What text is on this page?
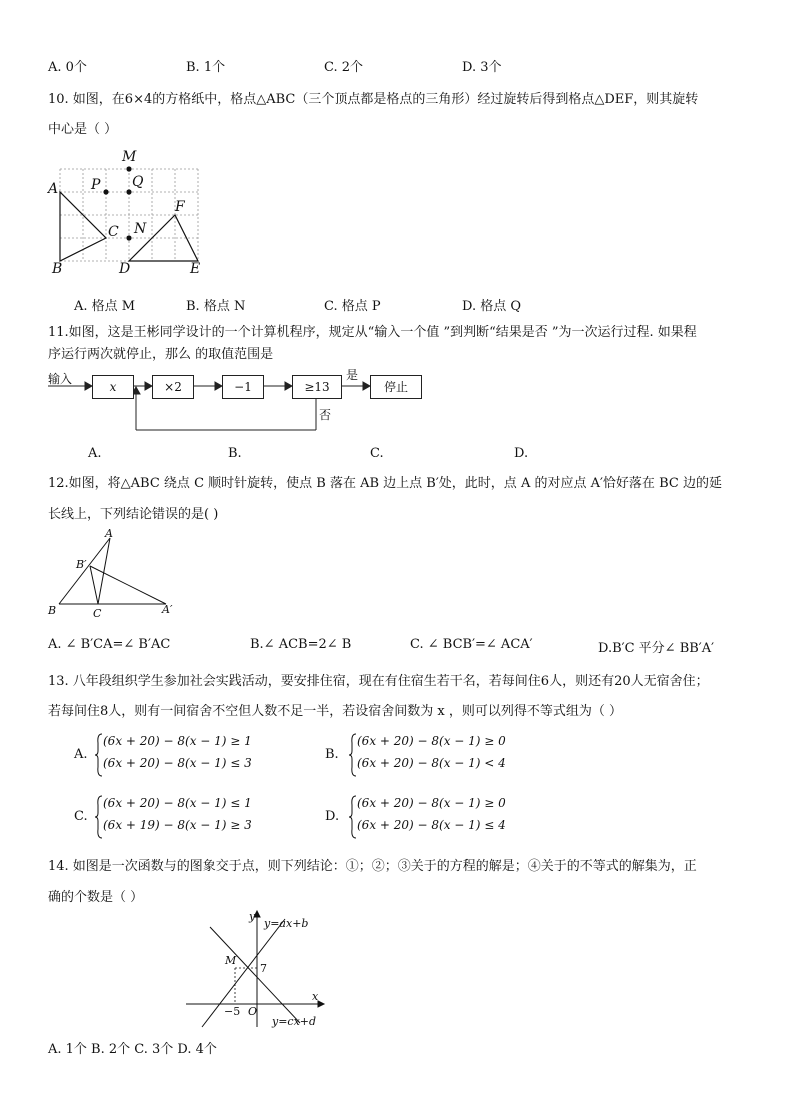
A. 0个	B. 1个	C. 2个	D. 3个
10. 如图，在6×4的方格纸中，格点△ABC（三个顶点都是格点的三角形）经过旋转后得到格点△DEF，则其旋转
中心是（ ）
M
P Q
A
C N
F
B	D	E
A. 格点 M	B. 格点 N	C. 格点 P	D. 格点 Q
11.如图，这是王彬同学设计的一个计算机程序，规定从“输入一个值 ”到判断“结果是否 ”为一次运行过程. 如果程
序运行两次就停止，那么 的取值范围是
输入
x	×2	−1	≥13	停止
是
否
A.	B.	C.	D.
12.如图，将△ABC 绕点 C 顺时针旋转，使点 B 落在 AB 边上点 B′处，此时，点 A 的对应点 A′恰好落在 BC 边的延
长线上，下列结论错误的是( )
A
B′
B	C	A′
A. ∠ B′CA=∠ B′AC	B.∠ ACB=2∠ B	C. ∠ BCB′=∠ ACA′	D.B′C 平分∠ BB′A′
13. 八年段组织学生参加社会实践活动，要安排住宿，现在有住宿生若干名，若每间住6人，则还有20人无宿舍住；
若每间住8人，则有一间宿舍不空但人数不足一半，若设宿舍间数为 x ，则可以列得不等式组为（ ）
A.
(6x + 20) − 8(x − 1) ≥ 1
(6x + 20) − 8(x − 1) ≤ 3
B.
(6x + 20) − 8(x − 1) ≥ 0
(6x + 20) − 8(x − 1) < 4
C.
(6x + 20) − 8(x − 1) ≤ 1
(6x + 19) − 8(x − 1) ≥ 3
D.
(6x + 20) − 8(x − 1) ≥ 0
(6x + 20) − 8(x − 1) ≤ 4
14. 如图是一次函数与的图象交于点，则下列结论：①；②；③关于的方程的解是；④关于的不等式的解集为，正
确的个数是（ ）
y
y=ax+b
M
x
O
y=cx+d
7
−5
A. 1个 B. 2个 C. 3个 D. 4个
